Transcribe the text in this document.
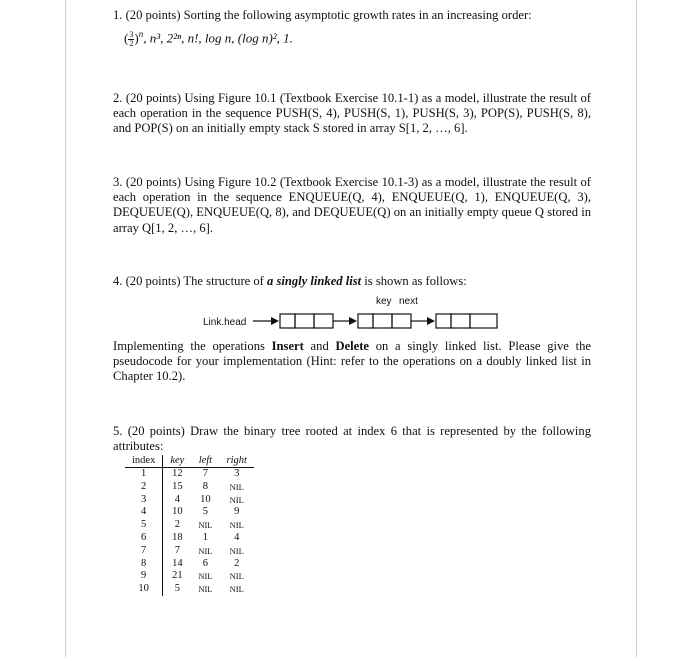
1. (20 points) Sorting the following asymptotic growth rates in an increasing order:
( $\frac{3}{2} )^n$, n³, 2²ⁿ, n!, log n, (log n)², 1.
2. (20 points) Using Figure 10.1 (Textbook Exercise 10.1-1) as a model, illustrate the result of each operation in the sequence PUSH(S, 4), PUSH(S, 1), PUSH(S, 3), POP(S), PUSH(S, 8), and POP(S) on an initially empty stack S stored in array S[1, 2, …, 6].
3. (20 points) Using Figure 10.2 (Textbook Exercise 10.1-3) as a model, illustrate the result of each operation in the sequence ENQUEUE(Q, 4), ENQUEUE(Q, 1), ENQUEUE(Q, 3), DEQUEUE(Q), ENQUEUE(Q, 8), and DEQUEUE(Q) on an initially empty queue Q stored in array Q[1, 2, …, 6].
4. (20 points) The structure of a singly linked list is shown as follows:
key next
Link.head
Implementing the operations Insert and Delete on a singly linked list. Please give the pseudocode for your implementation (Hint: refer to the operations on a doubly linked list in Chapter 10.2).
5. (20 points) Draw the binary tree rooted at index 6 that is represented by the following attributes:
index	key	left	right
1	12	7	3
2	15	8	NIL
3	4	10	NIL
4	10	5	9
5	2	NIL	NIL
6	18	1	4
7	7	NIL	NIL
8	14	6	2
9	21	NIL	NIL
10	5	NIL	NIL
